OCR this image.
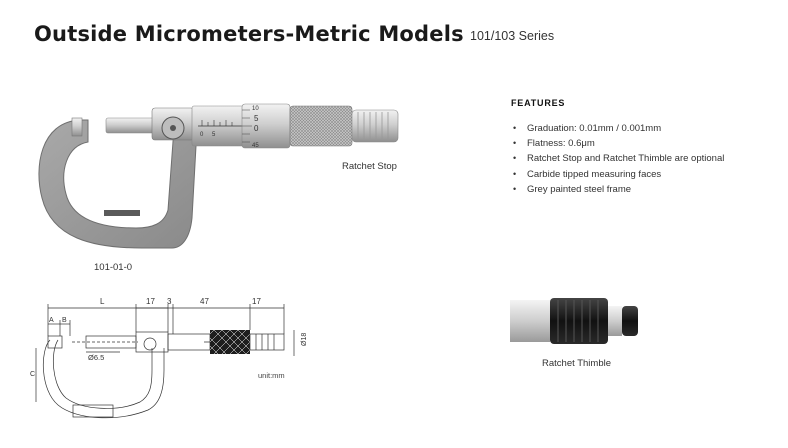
Outside Micrometers-Metric Models 101/103 Series
0 5
10
5
0
45
Ratchet Stop
101-01-0
FEATURES
• Graduation: 0.01mm / 0.001mm
• Flatness: 0.6μm
• Ratchet Stop and Ratchet Thimble are optional
• Carbide tipped measuring faces
• Grey painted steel frame
L	17 3	47	17
A B
C
Ø6.5
Ø18
unit:mm
Ratchet Thimble
